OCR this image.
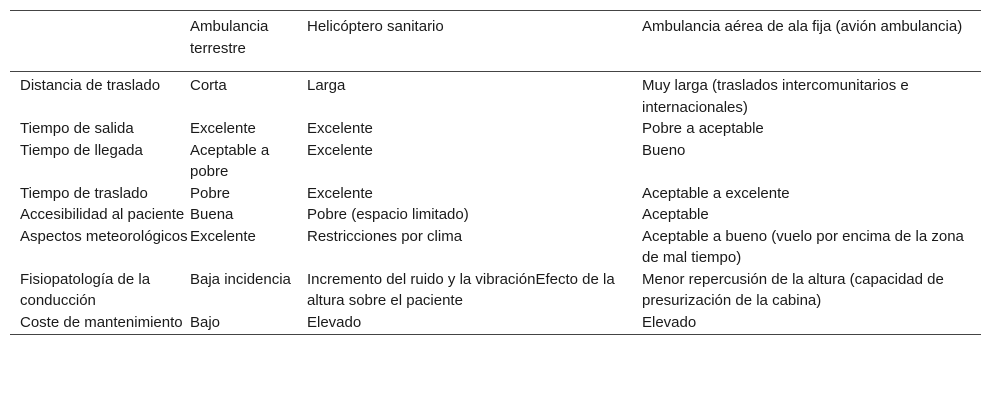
	Ambulancia terrestre	Helicóptero sanitario	Ambulancia aérea de ala fija (avión ambulancia)
Distancia de traslado	Corta	Larga	Muy larga (traslados intercomunitarios e internacionales)
Tiempo de salida	Excelente	Excelente	Pobre a aceptable
Tiempo de llegada	Aceptable a pobre	Excelente	Bueno
Tiempo de traslado	Pobre	Excelente	Aceptable a excelente
Accesibilidad al paciente	Buena	Pobre (espacio limitado)	Aceptable
Aspectos meteorológicos	Excelente	Restricciones por clima	Aceptable a bueno (vuelo por encima de la zona de mal tiempo)
Fisiopatología de la conducción	Baja incidencia	Incremento del ruido y la vibraciónEfecto de la altura sobre el paciente	Menor repercusión de la altura (capacidad de presurización de la cabina)
Coste de mantenimiento	Bajo	Elevado	Elevado
